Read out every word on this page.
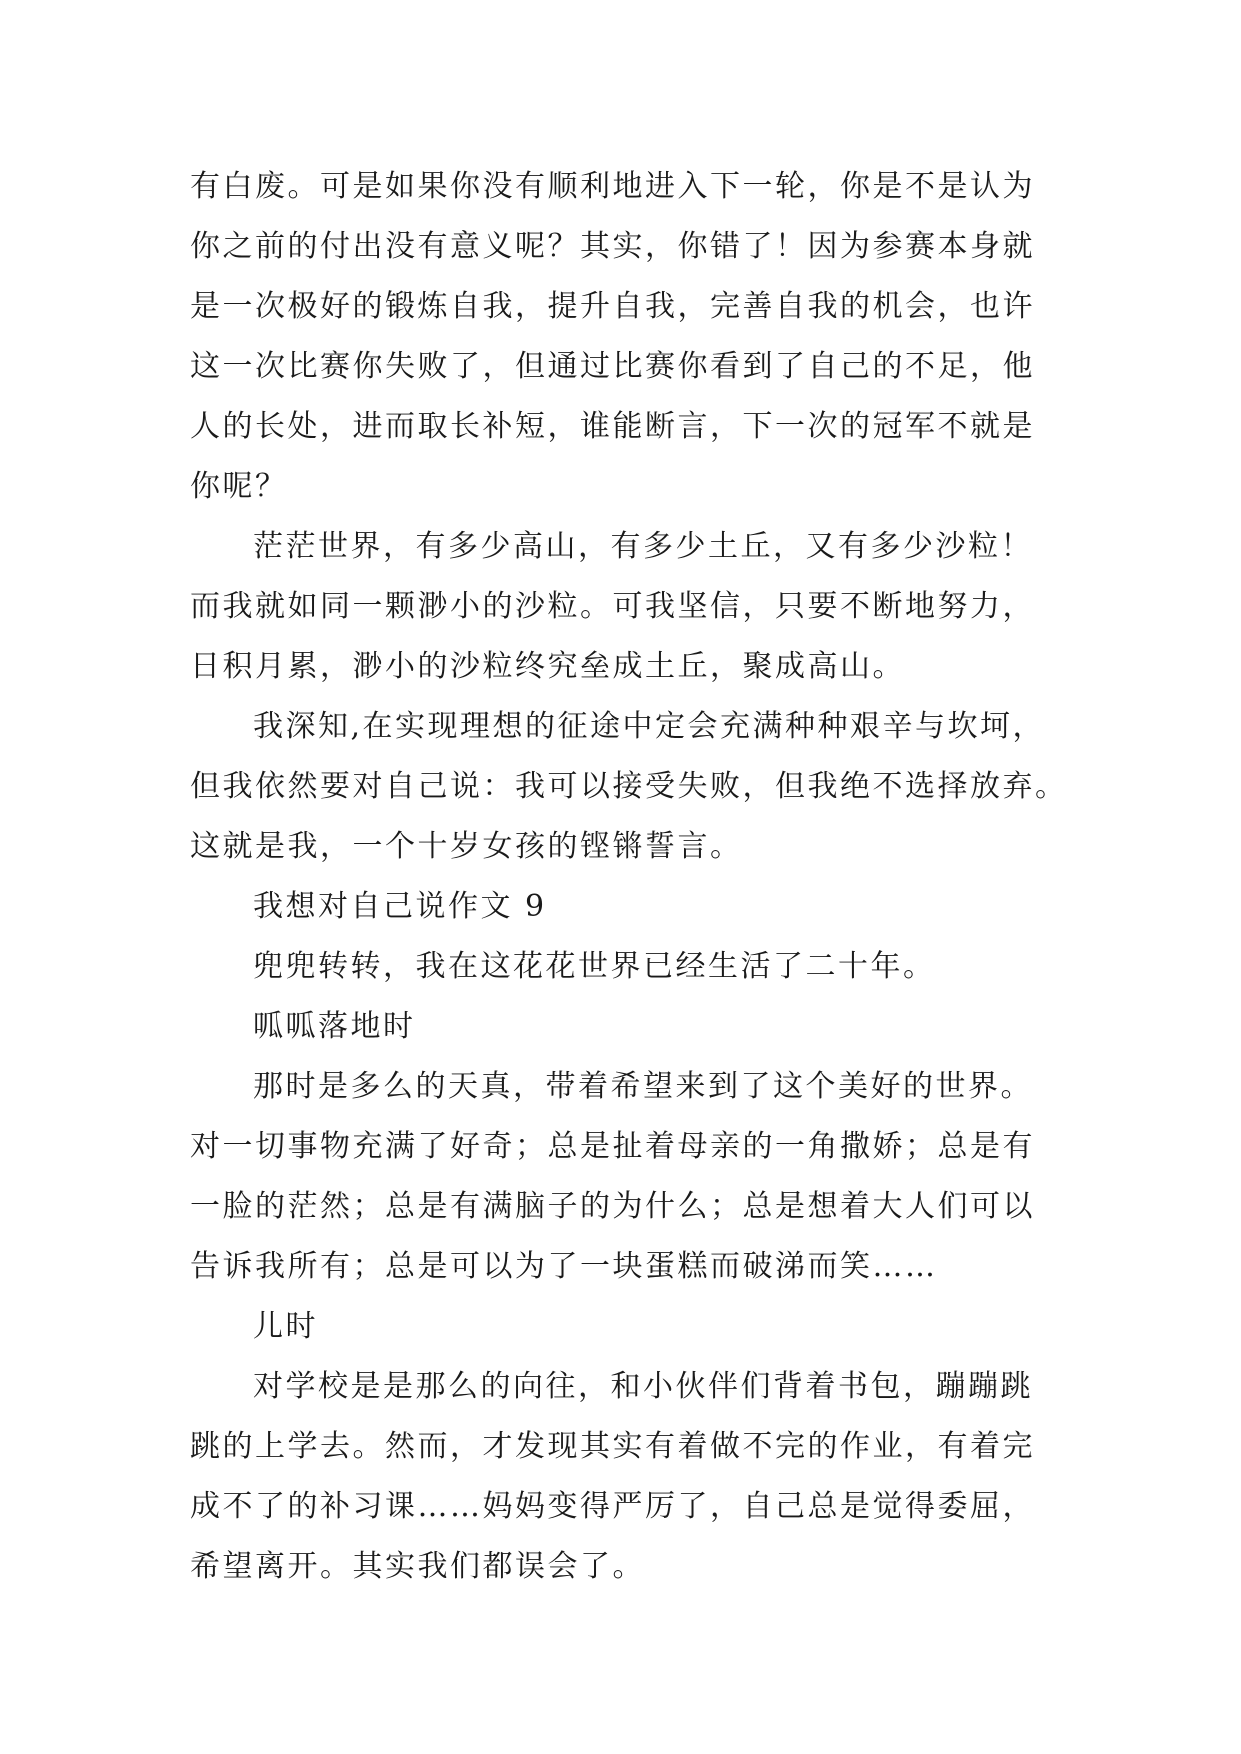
有白废。可是如果你没有顺利地进入下一轮，你是不是认为
你之前的付出没有意义呢？其实，你错了！因为参赛本身就
是一次极好的锻炼自我，提升自我，完善自我的机会，也许
这一次比赛你失败了，但通过比赛你看到了自己的不足，他
人的长处，进而取长补短，谁能断言，下一次的冠军不就是
你呢？
茫茫世界，有多少高山，有多少土丘，又有多少沙粒！
而我就如同一颗渺小的沙粒。可我坚信，只要不断地努力，
日积月累，渺小的沙粒终究垒成土丘，聚成高山。
我深知,在实现理想的征途中定会充满种种艰辛与坎坷，
但我依然要对自己说：我可以接受失败，但我绝不选择放弃。
这就是我，一个十岁女孩的铿锵誓言。
我想对自己说作文 9
兜兜转转，我在这花花世界已经生活了二十年。
呱呱落地时
那时是多么的天真，带着希望来到了这个美好的世界。
对一切事物充满了好奇；总是扯着母亲的一角撒娇；总是有
一脸的茫然；总是有满脑子的为什么；总是想着大人们可以
告诉我所有；总是可以为了一块蛋糕而破涕而笑……
儿时
对学校是是那么的向往，和小伙伴们背着书包，蹦蹦跳
跳的上学去。然而，才发现其实有着做不完的作业，有着完
成不了的补习课……妈妈变得严厉了，自己总是觉得委屈，
希望离开。其实我们都误会了。
